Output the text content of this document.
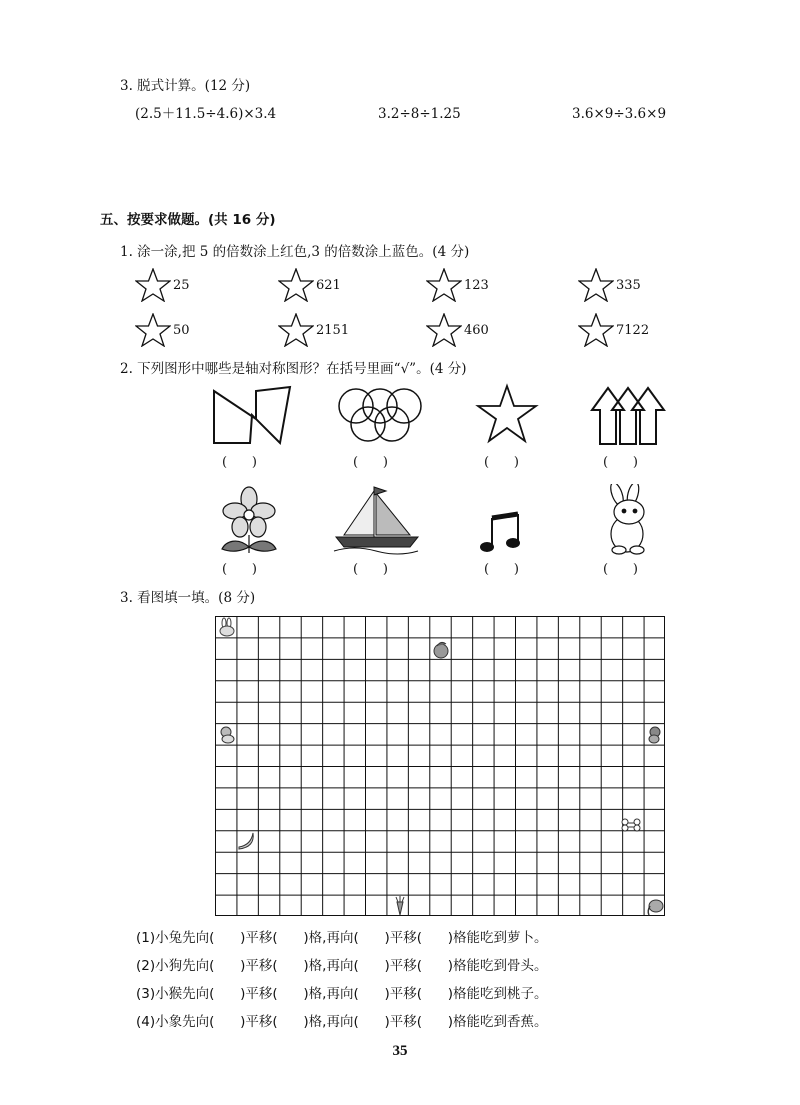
3. 脱式计算。(12 分)
(2.5＋11.5÷4.6)×3.4	3.2÷8÷1.25	3.6×9÷3.6×9
五、按要求做题。(共 16 分)
1. 涂一涂,把 5 的倍数涂上红色,3 的倍数涂上蓝色。(4 分)
25	621	123	335
50	2151	460	7122
2. 下列图形中哪些是轴对称图形？在括号里画“√”。(4 分)
(      )	(      )	(      )	(      )
(      )	(      )	(      )	(      )
3. 看图填一填。(8 分)
(1)小兔先向(      )平移(      )格,再向(      )平移(      )格能吃到萝卜。
(2)小狗先向(      )平移(      )格,再向(      )平移(      )格能吃到骨头。
(3)小猴先向(      )平移(      )格,再向(      )平移(      )格能吃到桃子。
(4)小象先向(      )平移(      )格,再向(      )平移(      )格能吃到香蕉。
35
